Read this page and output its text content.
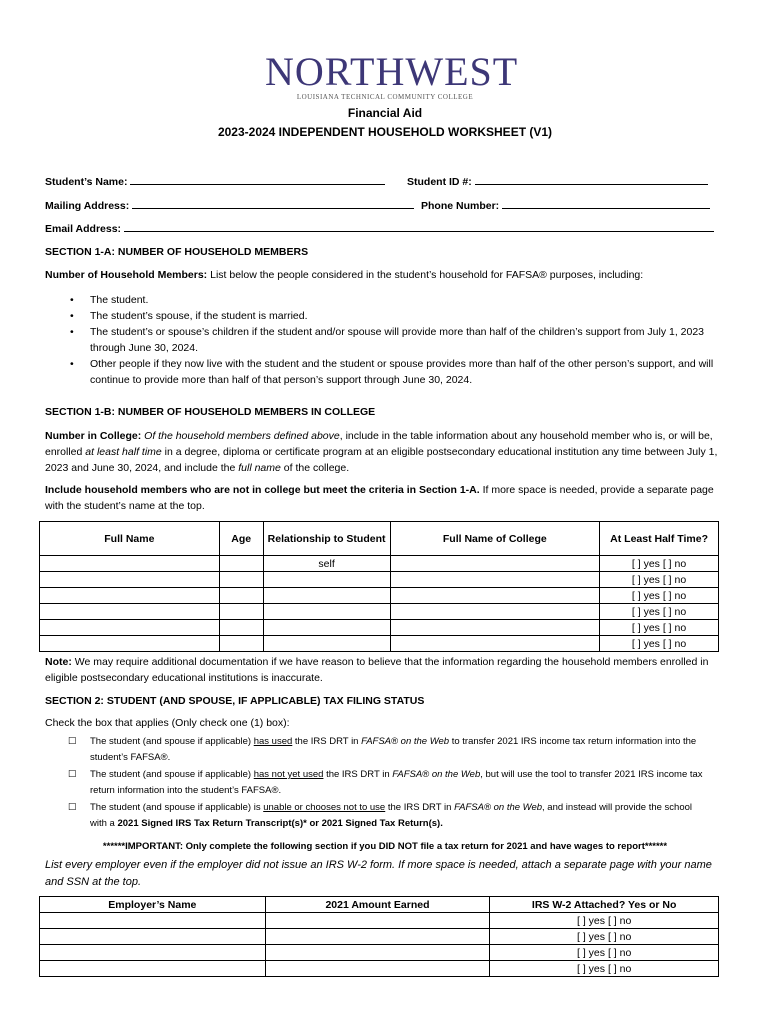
NORTHWEST
LOUISIANA TECHNICAL COMMUNITY COLLEGE
Financial Aid
2023-2024 INDEPENDENT HOUSEHOLD WORKSHEET (V1)
Student’s Name:	Student ID #:
Mailing Address:	Phone Number:
Email Address:
SECTION 1-A: NUMBER OF HOUSEHOLD MEMBERS
Number of Household Members: List below the people considered in the student’s household for FAFSA® purposes, including:
• The student.
• The student’s spouse, if the student is married.
• The student’s or spouse’s children if the student and/or spouse will provide more than half of the children’s support from July 1, 2023 through June 30, 2024.
• Other people if they now live with the student and the student or spouse provides more than half of the other person’s support, and will continue to provide more than half of that person’s support through June 30, 2024.
SECTION 1-B: NUMBER OF HOUSEHOLD MEMBERS IN COLLEGE
Number in College: Of the household members defined above, include in the table information about any household member who is, or will be, enrolled at least half time in a degree, diploma or certificate program at an eligible postsecondary educational institution any time between July 1, 2023 and June 30, 2024, and include the full name of the college.
Include household members who are not in college but meet the criteria in Section 1-A. If more space is needed, provide a separate page with the student’s name at the top.
Full Name	Age	Relationship to Student	Full Name of College	At Least Half Time?
		self		[ ] yes [ ] no
				[ ] yes [ ] no
				[ ] yes [ ] no
				[ ] yes [ ] no
				[ ] yes [ ] no
				[ ] yes [ ] no
Note: We may require additional documentation if we have reason to believe that the information regarding the household members enrolled in eligible postsecondary educational institutions is inaccurate.
SECTION 2: STUDENT (AND SPOUSE, IF APPLICABLE) TAX FILING STATUS
Check the box that applies (Only check one (1) box):
☐	The student (and spouse if applicable) has used the IRS DRT in FAFSA® on the Web to transfer 2021 IRS income tax return information into the student’s FAFSA®.
☐	The student (and spouse if applicable) has not yet used the IRS DRT in FAFSA® on the Web, but will use the tool to transfer 2021 IRS income tax return information into the student’s FAFSA®.
☐	The student (and spouse if applicable) is unable or chooses not to use the IRS DRT in FAFSA® on the Web, and instead will provide the school with a 2021 Signed IRS Tax Return Transcript(s)* or 2021 Signed Tax Return(s).
******IMPORTANT: Only complete the following section if you DID NOT file a tax return for 2021 and have wages to report******
List every employer even if the employer did not issue an IRS W-2 form. If more space is needed, attach a separate page with your name and SSN at the top.
Employer’s Name	2021 Amount Earned	IRS W-2 Attached? Yes or No
		[ ] yes [ ] no
		[ ] yes [ ] no
		[ ] yes [ ] no
		[ ] yes [ ] no
